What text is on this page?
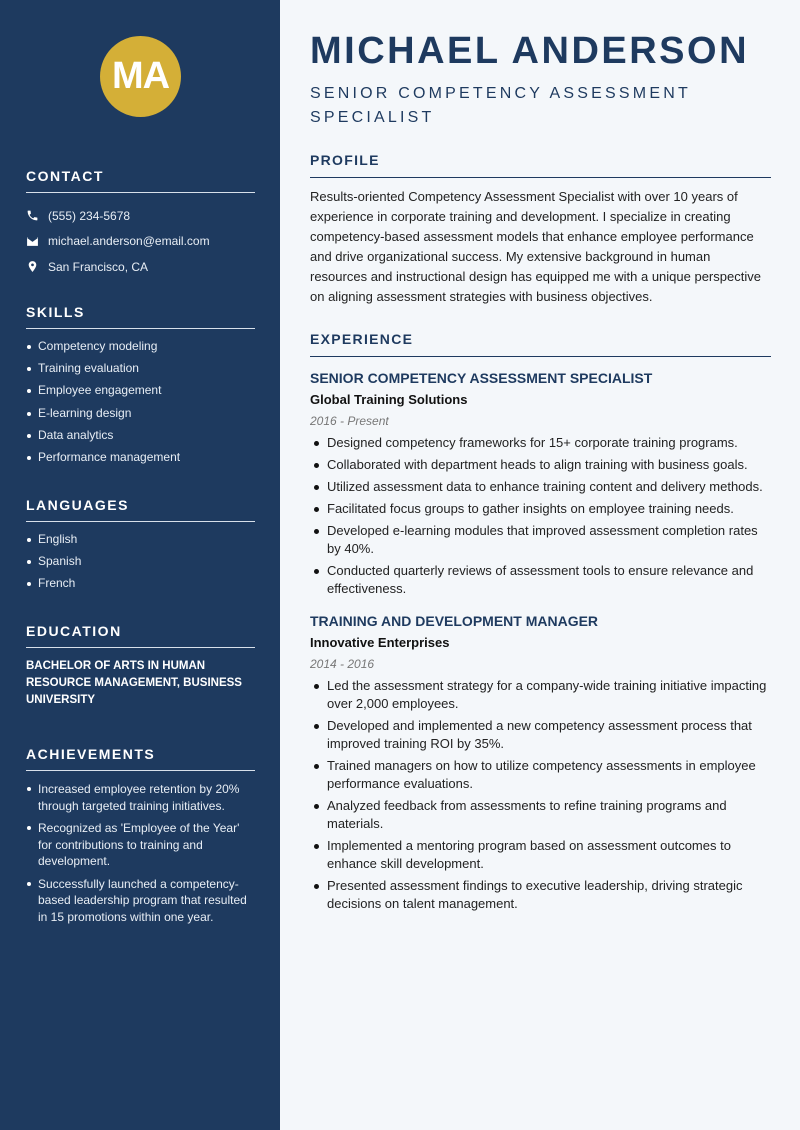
MA
CONTACT
(555) 234-5678
michael.anderson@email.com
San Francisco, CA
SKILLS
Competency modeling
Training evaluation
Employee engagement
E-learning design
Data analytics
Performance management
LANGUAGES
English
Spanish
French
EDUCATION
BACHELOR OF ARTS IN HUMAN RESOURCE MANAGEMENT, BUSINESS UNIVERSITY
ACHIEVEMENTS
Increased employee retention by 20% through targeted training initiatives.
Recognized as 'Employee of the Year' for contributions to training and development.
Successfully launched a competency-based leadership program that resulted in 15 promotions within one year.
MICHAEL ANDERSON
SENIOR COMPETENCY ASSESSMENT SPECIALIST
PROFILE
Results-oriented Competency Assessment Specialist with over 10 years of experience in corporate training and development. I specialize in creating competency-based assessment models that enhance employee performance and drive organizational success. My extensive background in human resources and instructional design has equipped me with a unique perspective on aligning assessment strategies with business objectives.
EXPERIENCE
SENIOR COMPETENCY ASSESSMENT SPECIALIST
Global Training Solutions
2016 - Present
Designed competency frameworks for 15+ corporate training programs.
Collaborated with department heads to align training with business goals.
Utilized assessment data to enhance training content and delivery methods.
Facilitated focus groups to gather insights on employee training needs.
Developed e-learning modules that improved assessment completion rates by 40%.
Conducted quarterly reviews of assessment tools to ensure relevance and effectiveness.
TRAINING AND DEVELOPMENT MANAGER
Innovative Enterprises
2014 - 2016
Led the assessment strategy for a company-wide training initiative impacting over 2,000 employees.
Developed and implemented a new competency assessment process that improved training ROI by 35%.
Trained managers on how to utilize competency assessments in employee performance evaluations.
Analyzed feedback from assessments to refine training programs and materials.
Implemented a mentoring program based on assessment outcomes to enhance skill development.
Presented assessment findings to executive leadership, driving strategic decisions on talent management.
